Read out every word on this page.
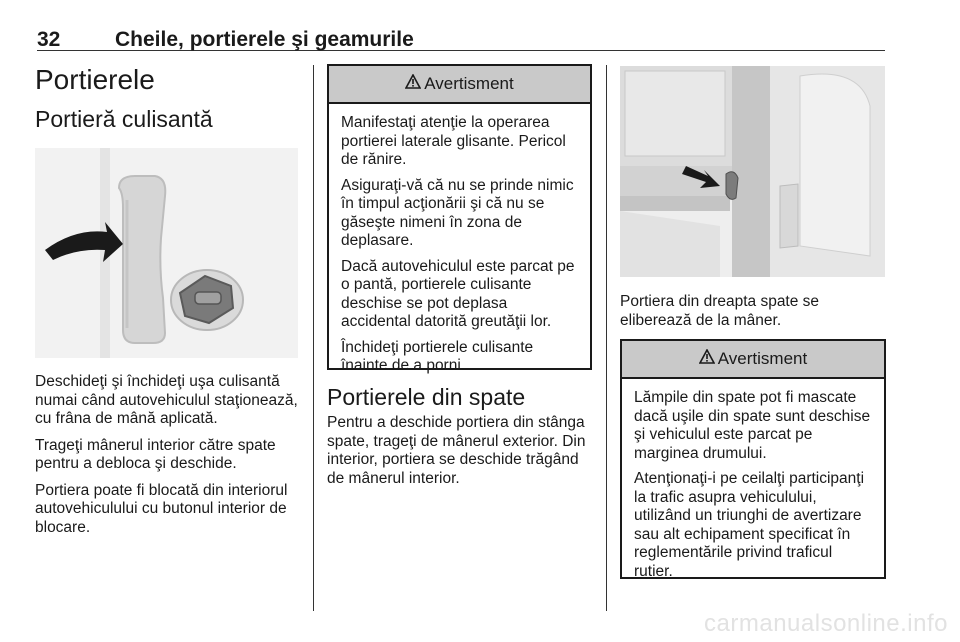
32	Cheile, portierele şi geamurile
Portierele
Portieră culisantă

Deschideţi şi închideţi uşa culisantă numai când autovehiculul staţionează, cu frâna de mână aplicată.

Trageţi mânerul interior către spate pentru a debloca şi deschide.

Portiera poate fi blocată din interiorul autovehiculului cu butonul interior de blocare.

Avertisment

Manifestaţi atenţie la operarea portierei laterale glisante. Pericol de rănire.

Asiguraţi-vă că nu se prinde nimic în timpul acţionării şi că nu se găseşte nimeni în zona de deplasare.

Dacă autovehiculul este parcat pe o pantă, portierele culisante deschise se pot deplasa accidental datorită greutăţii lor.

Închideţi portierele culisante înainte de a porni.

Portierele din spate

Pentru a deschide portiera din stânga spate, trageţi de mânerul exterior. Din interior, portiera se deschide trăgând de mânerul interior.

Portiera din dreapta spate se eliberează de la mâner.

Avertisment

Lămpile din spate pot fi mascate dacă uşile din spate sunt deschise şi vehiculul este parcat pe marginea drumului.

Atenţionaţi-i pe ceilalţi participanţi la trafic asupra vehiculului, utilizând un triunghi de avertizare sau alt echipament specificat în reglementările privind traficul rutier.

carmanualsonline.info
